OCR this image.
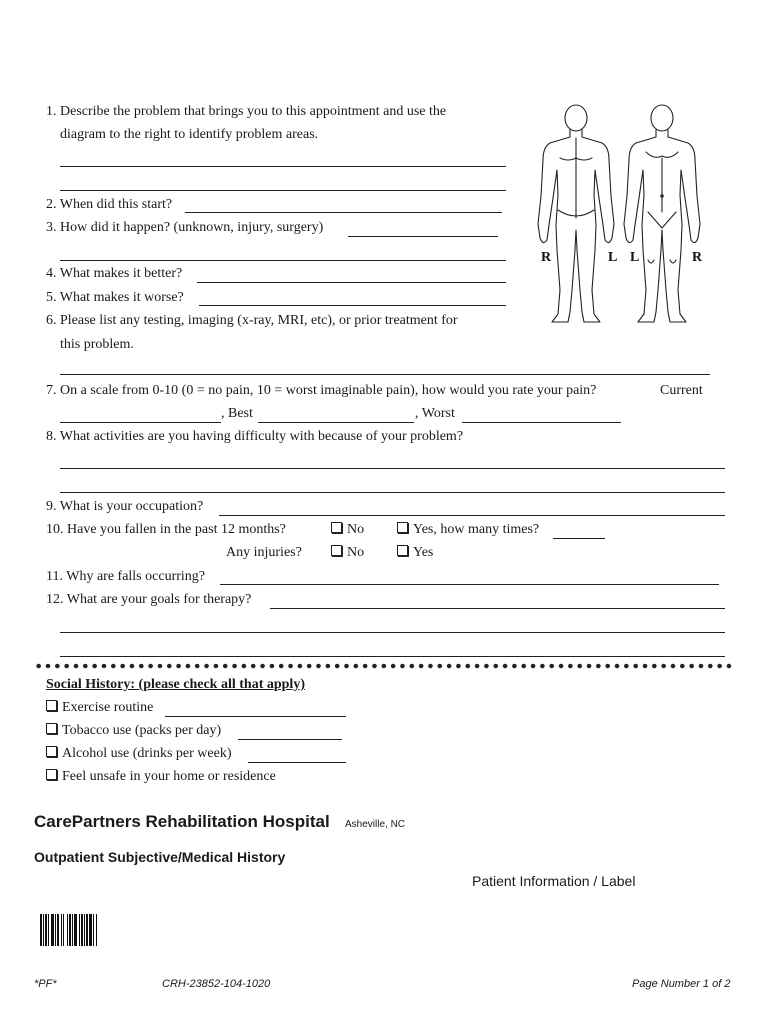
1. Describe the problem that brings you to this appointment and use the
diagram to the right to identify problem areas.
2. When did this start?
3. How did it happen? (unknown, injury, surgery)
4. What makes it better?
5. What makes it worse?
6. Please list any testing, imaging (x-ray, MRI, etc), or prior treatment for
this problem.
7. On a scale from 0-10 (0 = no pain, 10 = worst imaginable pain), how would you rate your pain?	Current
, Best	, Worst
8. What activities are you having difficulty with because of your problem?
9. What is your occupation?
10. Have you fallen in the past 12 months?	No	Yes, how many times?
Any injuries?	No	Yes
11. Why are falls occurring?
12. What are your goals for therapy?
R	L L	R
Social History: (please check all that apply)
Exercise routine
Tobacco use (packs per day)
Alcohol use (drinks per week)
Feel unsafe in your home or residence
CarePartners Rehabilitation Hospital Asheville, NC
Outpatient Subjective/Medical History
Patient Information / Label
*PF*	CRH-23852-104-1020	Page Number 1 of 2
